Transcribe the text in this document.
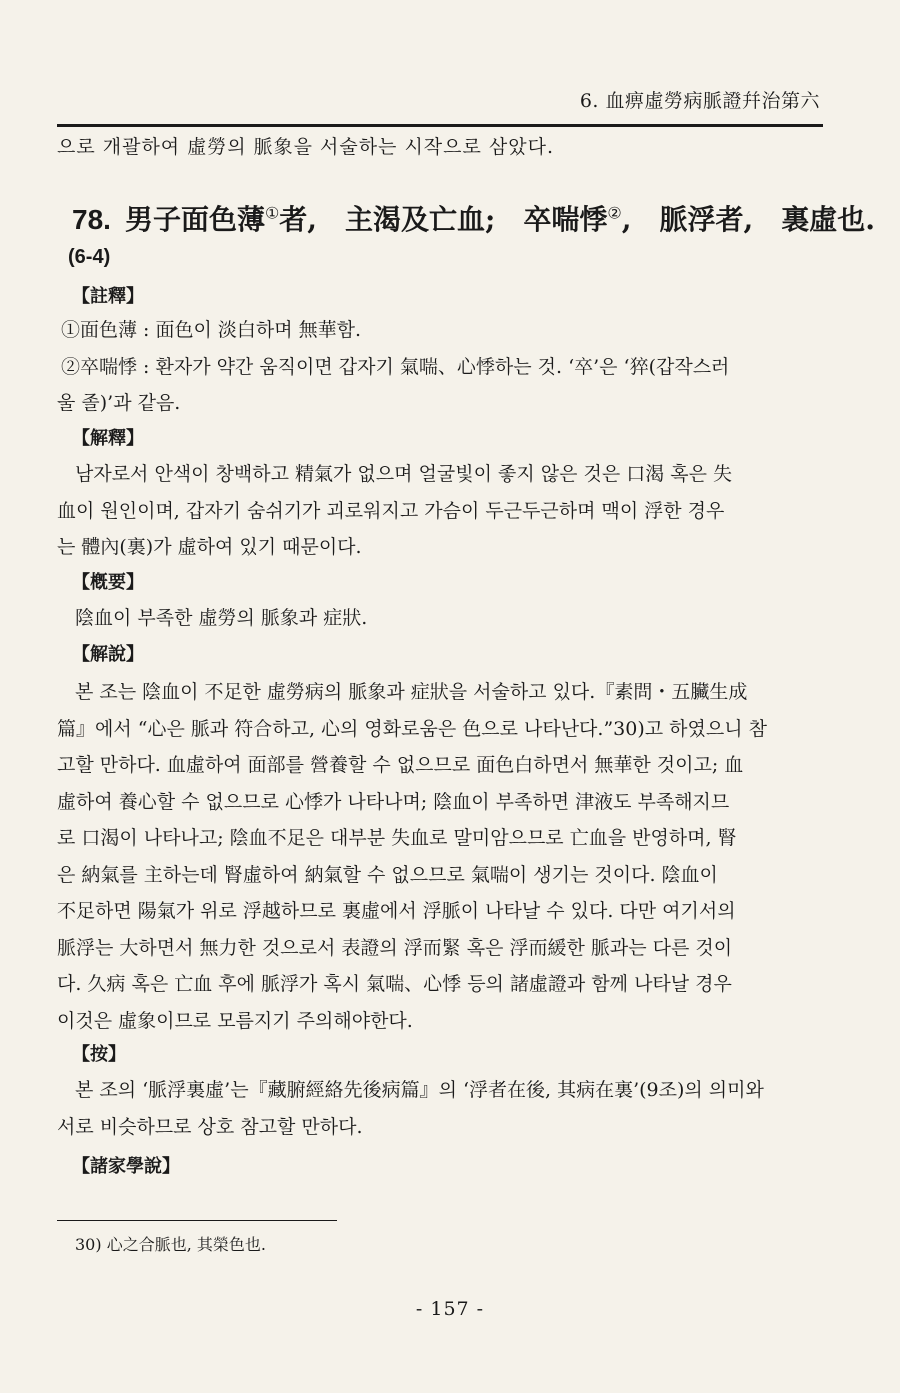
6. 血痹虛勞病脈證幷治第六
으로 개괄하여 虛勞의 脈象을 서술하는 시작으로 삼았다.
78. 男子面色薄①者,　主渴及亡血;　卒喘悸②,　脈浮者,　裏虛也.
(6-4)
【註釋】
①面色薄 : 面色이 淡白하며 無華함.
②卒喘悸 : 환자가 약간 움직이면 갑자기 氣喘、心悸하는 것. ‘卒’은 ‘猝(갑작스러
울 졸)’과 같음.
【解釋】
남자로서 안색이 창백하고 精氣가 없으며 얼굴빛이 좋지 않은 것은 口渴 혹은 失
血이 원인이며, 갑자기 숨쉬기가 괴로워지고 가슴이 두근두근하며 맥이 浮한 경우
는 體內(裏)가 虛하여 있기 때문이다.
【槪要】
陰血이 부족한 虛勞의 脈象과 症狀.
【解說】
본 조는 陰血이 不足한 虛勞病의 脈象과 症狀을 서술하고 있다.『素問・五臟生成
篇』에서 “心은 脈과 符合하고, 心의 영화로움은 色으로 나타난다.”30)고 하였으니 참
고할 만하다. 血虛하여 面部를 營養할 수 없으므로 面色白하면서 無華한 것이고; 血
虛하여 養心할 수 없으므로 心悸가 나타나며; 陰血이 부족하면 津液도 부족해지므
로 口渴이 나타나고; 陰血不足은 대부분 失血로 말미암으므로 亡血을 반영하며, 腎
은 納氣를 主하는데 腎虛하여 納氣할 수 없으므로 氣喘이 생기는 것이다. 陰血이
不足하면 陽氣가 위로 浮越하므로 裏虛에서 浮脈이 나타날 수 있다. 다만 여기서의
脈浮는 大하면서 無力한 것으로서 表證의 浮而緊 혹은 浮而緩한 脈과는 다른 것이
다. 久病 혹은 亡血 후에 脈浮가 혹시 氣喘、心悸 등의 諸虛證과 함께 나타날 경우
이것은 虛象이므로 모름지기 주의해야한다.
【按】
본 조의 ‘脈浮裏虛’는『藏腑經絡先後病篇』의 ‘浮者在後, 其病在裏’(9조)의 의미와
서로 비슷하므로 상호 참고할 만하다.
【諸家學說】
30) 心之合脈也, 其榮色也.
- 157 -
